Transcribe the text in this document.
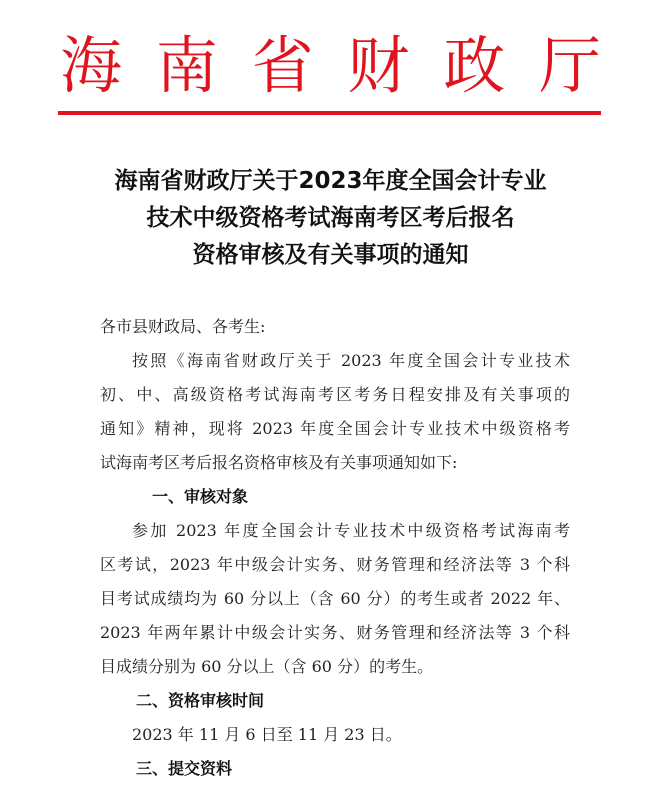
海 南 省 财 政 厅
海南省财政厅关于2023年度全国会计专业
技术中级资格考试海南考区考后报名
资格审核及有关事项的通知
各市县财政局、各考生:
按照《海南省财政厅关于 2023 年度全国会计专业技术
初、中、高级资格考试海南考区考务日程安排及有关事项的
通知》精神，现将 2023 年度全国会计专业技术中级资格考
试海南考区考后报名资格审核及有关事项通知如下:
一、审核对象
参加 2023 年度全国会计专业技术中级资格考试海南考
区考试，2023 年中级会计实务、财务管理和经济法等 3 个科
目考试成绩均为 60 分以上（含 60 分）的考生或者 2022 年、
2023 年两年累计中级会计实务、财务管理和经济法等 3 个科
目成绩分别为 60 分以上（含 60 分）的考生。
二、资格审核时间
2023 年 11 月 6 日至 11 月 23 日。
三、提交资料
